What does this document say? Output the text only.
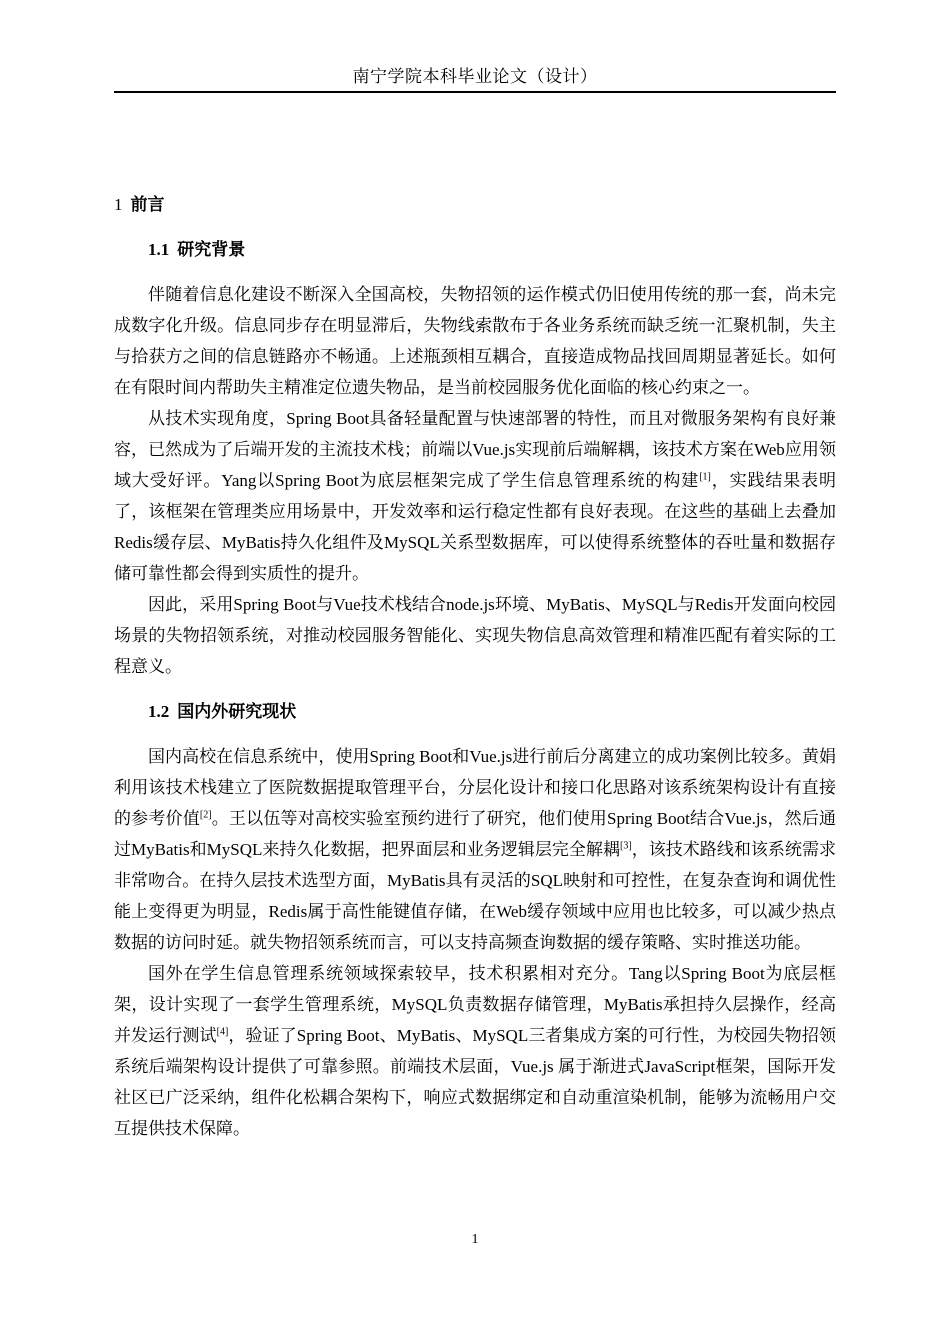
南宁学院本科毕业论文（设计）
1 前言
1.1 研究背景

伴随着信息化建设不断深入全国高校，失物招领的运作模式仍旧使用传统的那一套，尚未完成数字化升级。信息同步存在明显滞后，失物线索散布于各业务系统而缺乏统一汇聚机制，失主与拾获方之间的信息链路亦不畅通。上述瓶颈相互耦合，直接造成物品找回周期显著延长。如何在有限时间内帮助失主精准定位遗失物品，是当前校园服务优化面临的核心约束之一。

从技术实现角度，Spring Boot具备轻量配置与快速部署的特性，而且对微服务架构有良好兼容，已然成为了后端开发的主流技术栈；前端以Vue.js实现前后端解耦，该技术方案在Web应用领域大受好评。Yang以Spring Boot为底层框架完成了学生信息管理系统的构建[1]，实践结果表明了，该框架在管理类应用场景中，开发效率和运行稳定性都有良好表现。在这些的基础上去叠加Redis缓存层、MyBatis持久化组件及MySQL关系型数据库，可以使得系统整体的吞吐量和数据存储可靠性都会得到实质性的提升。

因此，采用Spring Boot与Vue技术栈结合node.js环境、MyBatis、MySQL与Redis开发面向校园场景的失物招领系统，对推动校园服务智能化、实现失物信息高效管理和精准匹配有着实际的工程意义。

1.2 国内外研究现状

国内高校在信息系统中，使用Spring Boot和Vue.js进行前后分离建立的成功案例比较多。黄娟利用该技术栈建立了医院数据提取管理平台，分层化设计和接口化思路对该系统架构设计有直接的参考价值[2]。王以伍等对高校实验室预约进行了研究，他们使用Spring Boot结合Vue.js，然后通过MyBatis和MySQL来持久化数据，把界面层和业务逻辑层完全解耦[3]，该技术路线和该系统需求非常吻合。在持久层技术选型方面，MyBatis具有灵活的SQL映射和可控性，在复杂查询和调优性能上变得更为明显，Redis属于高性能键值存储，在Web缓存领域中应用也比较多，可以减少热点数据的访问时延。就失物招领系统而言，可以支持高频查询数据的缓存策略、实时推送功能。

国外在学生信息管理系统领域探索较早，技术积累相对充分。Tang以Spring Boot为底层框架，设计实现了一套学生管理系统，MySQL负责数据存储管理，MyBatis承担持久层操作，经高并发运行测试[4]，验证了Spring Boot、MyBatis、MySQL三者集成方案的可行性，为校园失物招领系统后端架构设计提供了可靠参照。前端技术层面，Vue.js 属于渐进式JavaScript框架，国际开发社区已广泛采纳，组件化松耦合架构下，响应式数据绑定和自动重渲染机制，能够为流畅用户交互提供技术保障。

1
